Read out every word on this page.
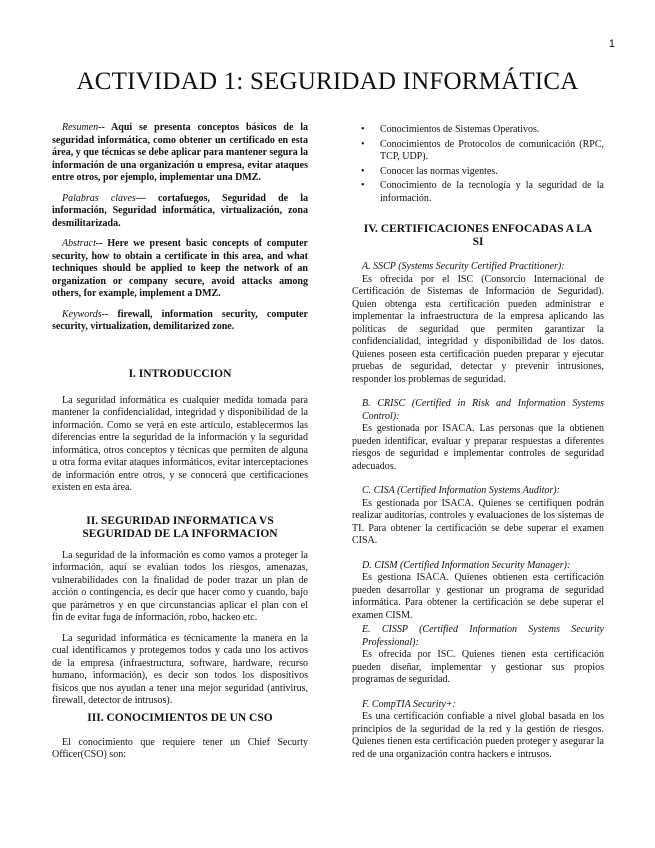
1
ACTIVIDAD 1: SEGURIDAD INFORMÁTICA

Resumen-- Aquí se presenta conceptos básicos de la seguridad informática, como obtener un certificado en esta área, y que técnicas se debe aplicar para mantener segura la información de una organización u empresa, evitar ataques entre otros, por ejemplo, implementar una DMZ.

Palabras claves— cortafuegos, Seguridad de la información, Seguridad informática, virtualización, zona desmilitarizada.

Abstract-- Here we present basic concepts of computer security, how to obtain a certificate in this area, and what techniques should be applied to keep the network of an organization or company secure, avoid attacks among others, for example, implement a DMZ.

Keywords-- firewall, information security, computer security, virtualization, demilitarized zone.

I. INTRODUCCION

La seguridad informática es cualquier medida tomada para mantener la confidencialidad, integridad y disponibilidad de la información. Como se verá en este artículo, establecermos las diferencias entre la seguridad de la información y la seguridad informática, otros conceptos y técnicas que permiten de alguna u otra forma evitar ataques informáticos, evitar interceptaciones de información entre otros, y se conocerá que certificaciones existen en esta área.

II. SEGURIDAD INFORMATICA VS
SEGURIDAD DE LA INFORMACION

La seguridad de la información es como vamos a proteger la información, aquí se evalúan todos los riesgos, amenazas, vulnerabilidades con la finalidad de poder trazar un plan de acción o contingencia, es decir que hacer como y cuando, bajo que parámetros y en que circunstancias aplicar el plan con el fin de evitar fuga de información, robo, hackeo etc.

La seguridad informática es técnicamente la manera en la cual identificamos y protegemos todos y cada uno los activos de la empresa (infraestructura, software, hardware, recurso humano, información), es decir son todos los dispositivos físicos que nos ayudan a tener una mejor seguridad (antivirus, firewall, detector de intrusos).

III. CONOCIMIENTOS DE UN CSO

El conocimiento que requiere tener un Chief Securty Officer(CSO) son:

• Conocimientos de Sistemas Operativos.
• Conocimientos de Protocolos de comunicación (RPC, TCP, UDP).
• Conocer las normas vigentes.
• Conocimiento de la tecnología y la seguridad de la información.
IV. CERTIFICACIONES ENFOCADAS A LA
SI

A. SSCP (Systems Security Certified Practitioner):

Es ofrecida por el ISC (Consorcio Internacional de Certificación de Sistemas de Información de Seguridad). Quien obtenga esta certificación pueden administrar e implementar la infraestructura de la empresa aplicando las políticas de seguridad que permiten garantizar la confidencialidad, integridad y disponibilidad de los datos. Quienes poseen esta certificación pueden preparar y ejecutar pruebas de seguridad, detectar y prevenir intrusiones, responder los problemas de seguridad.

B. CRISC (Certified in Risk and Information Systems Control):

Es gestionada por ISACA. Las personas que la obtienen pueden identificar, evaluar y preparar respuestas a diferentes riesgos de seguridad e implementar controles de seguridad adecuados.

C. CISA (Certified Information Systems Auditor):

Es gestionada por ISACA. Quienes se certifiquen podrán realizar auditorías, controles y evaluaciones de los sistemas de TI. Para obtener la certificación se debe superar el examen CISA.

D. CISM (Certified Information Security Manager):

Es gestiona ISACA. Quienes obtienen esta certificación pueden desarrollar y gestionar un programa de seguridad informática. Para obtener la certificación se debe superar el examen CISM.

E. CISSP (Certified Information Systems Security Professional):

Es ofrecida por ISC. Quienes tienen esta certificación pueden diseñar, implementar y gestionar sus propios programas de seguridad.

F. CompTIA Security+:

Es una certificación confiable a nivel global basada en los principios de la seguridad de la red y la gestión de riesgos. Quienes tienen esta certificación pueden proteger y asegurar la red de una organización contra hackers e intrusos.
